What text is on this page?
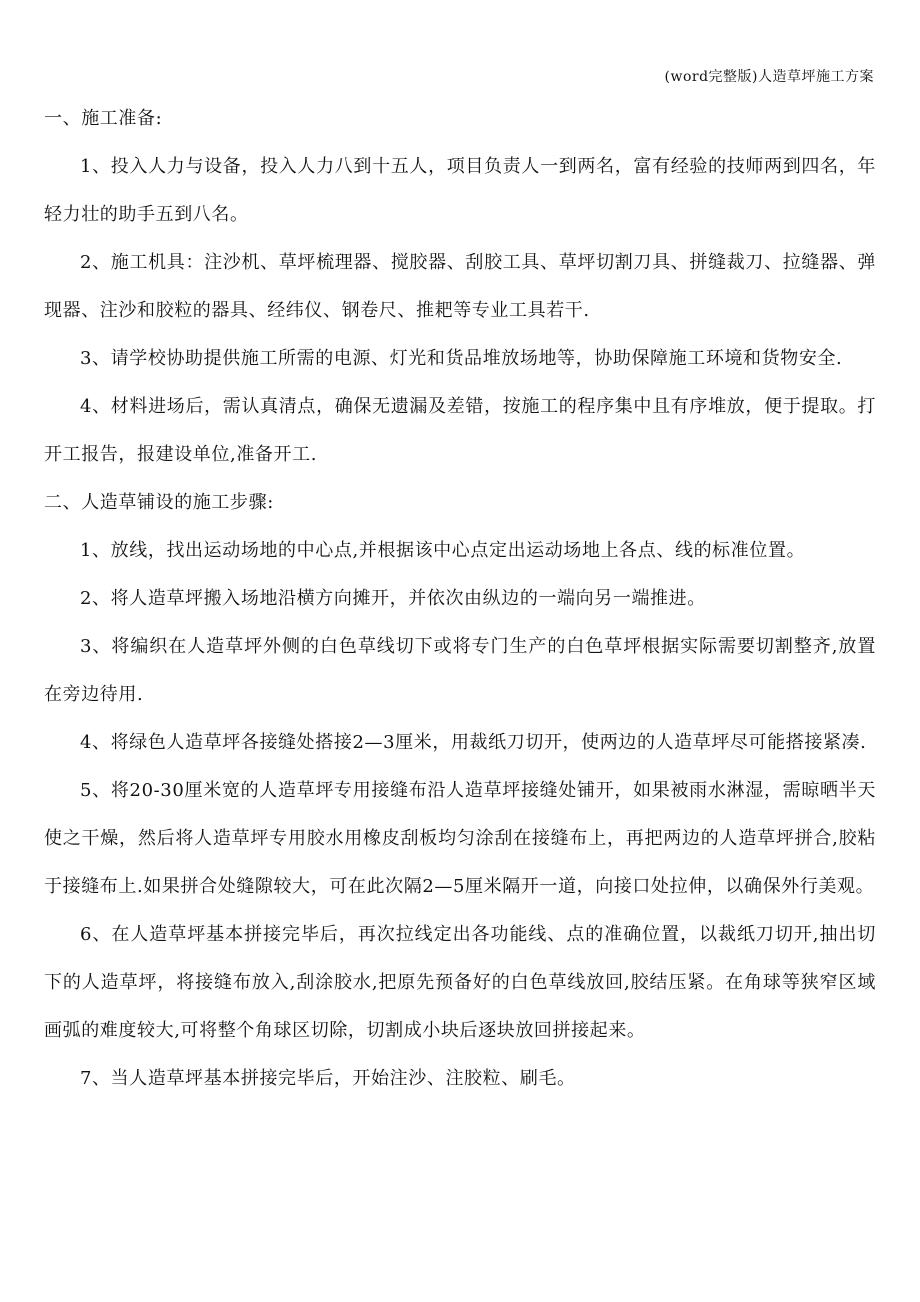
(word完整版)人造草坪施工方案

一、施工准备:

1、投入人力与设备，投入人力八到十五人，项目负责人一到两名，富有经验的技师两到四名，年轻力壮的助手五到八名。

2、施工机具：注沙机、草坪梳理器、搅胶器、刮胶工具、草坪切割刀具、拼缝裁刀、拉缝器、弹现器、注沙和胶粒的器具、经纬仪、钢卷尺、推耙等专业工具若干.

3、请学校协助提供施工所需的电源、灯光和货品堆放场地等，协助保障施工环境和货物安全.

4、材料进场后，需认真清点，确保无遗漏及差错，按施工的程序集中且有序堆放，便于提取。打开工报告，报建设单位,准备开工.

二、人造草铺设的施工步骤:

1、放线，找出运动场地的中心点,并根据该中心点定出运动场地上各点、线的标准位置。

2、将人造草坪搬入场地沿横方向摊开，并依次由纵边的一端向另一端推进。

3、将编织在人造草坪外侧的白色草线切下或将专门生产的白色草坪根据实际需要切割整齐,放置在旁边待用.

4、将绿色人造草坪各接缝处搭接2—3厘米，用裁纸刀切开，使两边的人造草坪尽可能搭接紧凑.

5、将20-30厘米宽的人造草坪专用接缝布沿人造草坪接缝处铺开，如果被雨水淋湿，需晾晒半天使之干燥，然后将人造草坪专用胶水用橡皮刮板均匀涂刮在接缝布上，再把两边的人造草坪拼合,胶粘于接缝布上.如果拼合处缝隙较大，可在此次隔2—5厘米隔开一道，向接口处拉伸，以确保外行美观。

6、在人造草坪基本拼接完毕后，再次拉线定出各功能线、点的准确位置，以裁纸刀切开,抽出切下的人造草坪，将接缝布放入,刮涂胶水,把原先预备好的白色草线放回,胶结压紧。在角球等狭窄区域画弧的难度较大,可将整个角球区切除，切割成小块后逐块放回拼接起来。

7、当人造草坪基本拼接完毕后，开始注沙、注胶粒、刷毛。
